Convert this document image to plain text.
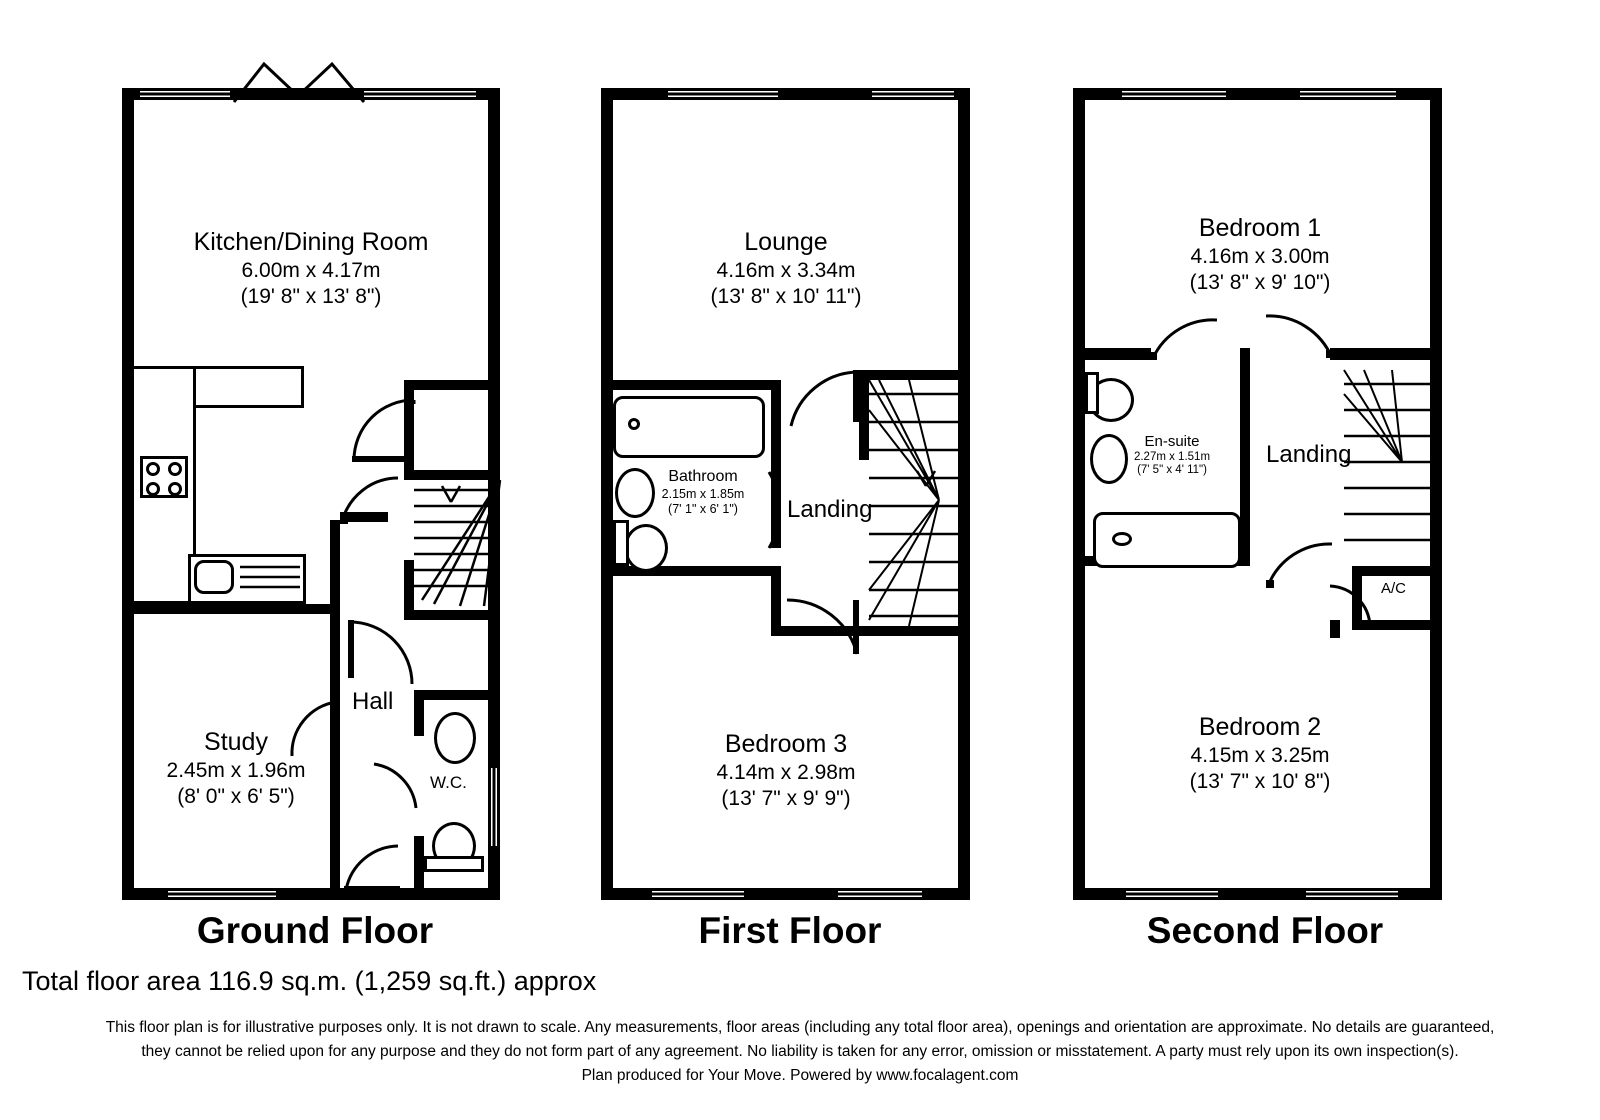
Kitchen/Dining Room
6.00m x 4.17m
(19' 8" x 13' 8")
Study
2.45m x 1.96m
(8' 0" x 6' 5")
Hall
W.C.
Ground Floor
Lounge
4.16m x 3.34m
(13' 8" x 10' 11")
Bathroom
2.15m x 1.85m
(7' 1" x 6' 1")
Bedroom 3
4.14m x 2.98m
(13' 7" x 9' 9")
Landing
First Floor
Bedroom 1
4.16m x 3.00m
(13' 8" x 9' 10")
En-suite
2.27m x 1.51m
(7' 5" x 4' 11")
Bedroom 2
4.15m x 3.25m
(13' 7" x 10' 8")
Landing
A/C
Second Floor
Total floor area 116.9 sq.m. (1,259 sq.ft.) approx
This floor plan is for illustrative purposes only. It is not drawn to scale. Any measurements, floor areas (including any total floor area), openings and orientation are approximate. No details are guaranteed,
they cannot be relied upon for any purpose and they do not form part of any agreement. No liability is taken for any error, omission or misstatement. A party must rely upon its own inspection(s).
Plan produced for Your Move. Powered by www.focalagent.com
